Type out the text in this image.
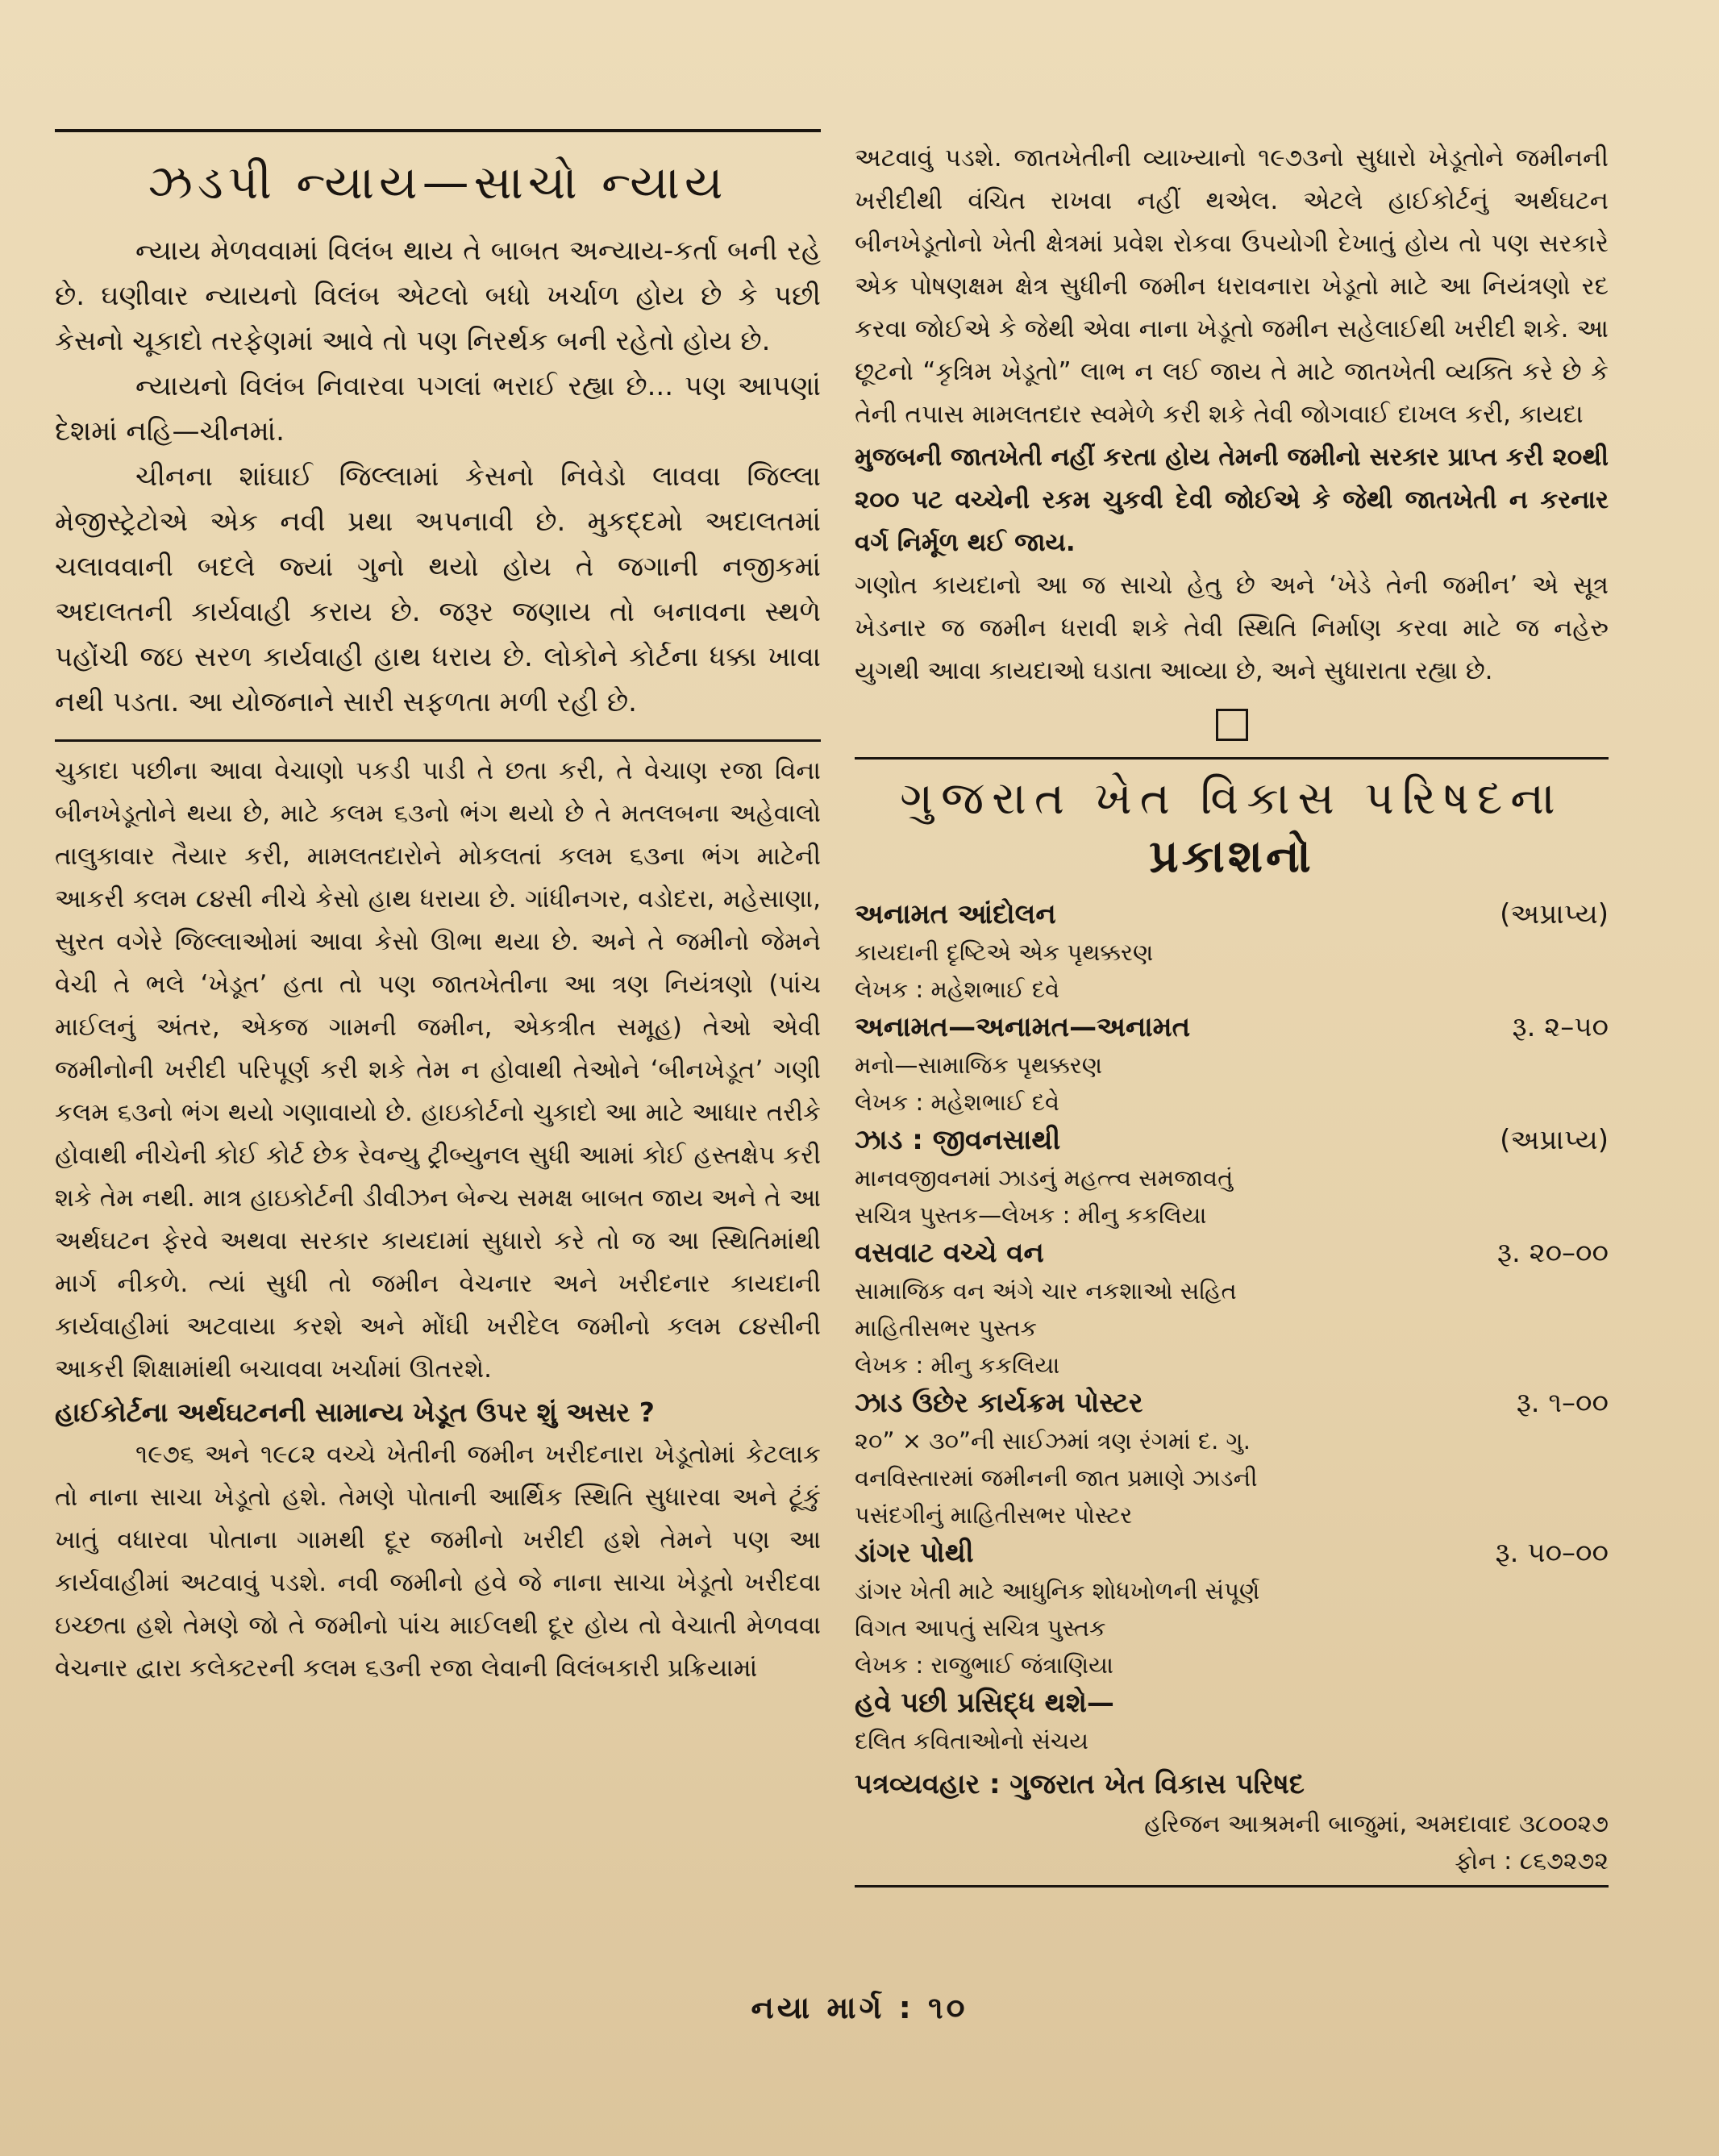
ઝડપી ન્યાય—સાચો ન્યાય

ન્યાય મેળવવામાં વિલંબ થાય તે બાબત અન્યાય-કર્તા બની રહે છે. ઘણીવાર ન્યાયનો વિલંબ એટલો બધો ખર્ચાળ હોય છે કે પછી કેસનો ચૂકાદો તરફેણમાં આવે તો પણ નિરર્થક બની રહેતો હોય છે.

ન્યાયનો વિલંબ નિવારવા પગલાં ભરાઈ રહ્યા છે... પણ આપણાં દેશમાં નહિ—ચીનમાં.

ચીનના શાંઘાઈ જિલ્લામાં કેસનો નિવેડો લાવવા જિલ્લા મેજીસ્ટ્રેટોએ એક નવી પ્રથા અપનાવી છે. મુકદ્દમો અદાલતમાં ચલાવવાની બદલે જ્યાં ગુનો થયો હોય તે જગાની નજીકમાં અદાલતની કાર્યવાહી કરાય છે. જરૂર જણાય તો બનાવના સ્થળે પહોંચી જઇ સરળ કાર્યવાહી હાથ ધરાય છે. લોકોને કોર્ટના ધક્કા ખાવા નથી પડતા. આ યોજનાને સારી સફળતા મળી રહી છે.

ચુકાદા પછીના આવા વેચાણો પકડી પાડી તે છતા કરી, તે વેચાણ રજા વિના બીનખેડૂતોને થયા છે, માટે કલમ ૬૩નો ભંગ થયો છે તે મતલબના અહેવાલો તાલુકાવાર તૈયાર કરી, મામલતદારોને મોકલતાં કલમ ૬૩ના ભંગ માટેની આકરી કલમ ૮૪સી નીચે કેસો હાથ ધરાયા છે. ગાંધીનગર, વડોદરા, મહેસાણા, સુરત વગેરે જિલ્લાઓમાં આવા કેસો ઊભા થયા છે. અને તે જમીનો જેમને વેચી તે ભલે ‘ખેડૂત’ હતા તો પણ જાતખેતીના આ ત્રણ નિયંત્રણો (પાંચ માઈલનું અંતર, એકજ ગામની જમીન, એકત્રીત સમૂહ) તેઓ એવી જમીનોની ખરીદી પરિપૂર્ણ કરી શકે તેમ ન હોવાથી તેઓને ‘બીનખેડૂત’ ગણી કલમ ૬૩નો ભંગ થયો ગણાવાયો છે. હાઇકોર્ટનો ચુકાદો આ માટે આધાર તરીકે હોવાથી નીચેની કોઈ કોર્ટ છેક રેવન્યુ ટ્રીબ્યુનલ સુધી આમાં કોઈ હસ્તક્ષેપ કરી શકે તેમ નથી. માત્ર હાઇકોર્ટની ડીવીઝન બેન્ચ સમક્ષ બાબત જાય અને તે આ અર્થઘટન ફેરવે અથવા સરકાર કાયદામાં સુધારો કરે તો જ આ સ્થિતિમાંથી માર્ગ નીકળે. ત્યાં સુધી તો જમીન વેચનાર અને ખરીદનાર કાયદાની કાર્યવાહીમાં અટવાયા કરશે અને મોંઘી ખરીદેલ જમીનો કલમ ૮૪સીની આકરી શિક્ષામાંથી બચાવવા ખર્ચામાં ઊતરશે.

હાઈકોર્ટના અર્થઘટનની સામાન્ય ખેડૂત ઉપર શું અસર ?

૧૯૭૬ અને ૧૯૮૨ વચ્ચે ખેતીની જમીન ખરીદનારા ખેડૂતોમાં કેટલાક તો નાના સાચા ખેડૂતો હશે. તેમણે પોતાની આર્થિક સ્થિતિ સુધારવા અને ટૂંકું ખાતું વધારવા પોતાના ગામથી દૂર જમીનો ખરીદી હશે તેમને પણ આ કાર્યવાહીમાં અટવાવું પડશે. નવી જમીનો હવે જે નાના સાચા ખેડૂતો ખરીદવા ઇચ્છતા હશે તેમણે જો તે જમીનો પાંચ માઈલથી દૂર હોય તો વેચાતી મેળવવા વેચનાર દ્વારા કલેક્ટરની કલમ ૬૩ની રજા લેવાની વિલંબકારી પ્રક્રિયામાં

અટવાવું પડશે. જાતખેતીની વ્યાખ્યાનો ૧૯૭૩નો સુધારો ખેડૂતોને જમીનની ખરીદીથી વંચિત રાખવા નહીં થએલ. એટલે હાઈકોર્ટનું અર્થઘટન બીનખેડૂતોનો ખેતી ક્ષેત્રમાં પ્રવેશ રોકવા ઉપયોગી દેખાતું હોય તો પણ સરકારે એક પોષણક્ષમ ક્ષેત્ર સુધીની જમીન ધરાવનારા ખેડૂતો માટે આ નિયંત્રણો રદ કરવા જોઈએ કે જેથી એવા નાના ખેડૂતો જમીન સહેલાઈથી ખરીદી શકે. આ છૂટનો “કૃત્રિમ ખેડૂતો” લાભ ન લઈ જાય તે માટે જાતખેતી વ્યક્તિ કરે છે કે તેની તપાસ મામલતદાર સ્વમેળે કરી શકે તેવી જોગવાઈ દાખલ કરી, કાયદા

મુજબની જાતખેતી નહીં કરતા હોય તેમની જમીનો સરકાર પ્રાપ્ત કરી ૨૦થી ૨૦૦ પટ વચ્ચેની રકમ ચુકવી દેવી જોઈએ કે જેથી જાતખેતી ન કરનાર વર્ગ નિર્મૂળ થઈ જાય.

ગણોત કાયદાનો આ જ સાચો હેતુ છે અને ‘ખેડે તેની જમીન’ એ સૂત્ર ખેડનાર જ જમીન ધરાવી શકે તેવી સ્થિતિ નિર્માણ કરવા માટે જ નહેરુ યુગથી આવા કાયદાઓ ઘડાતા આવ્યા છે, અને સુધારાતા રહ્યા છે.

ગુજરાત ખેત વિકાસ પરિષદના
પ્રકાશનો
અનામત આંદોલન	(અપ્રાપ્ય)
કાયદાની દૃષ્ટિએ એક પૃથક્કરણ
લેખક : મહેશભાઈ દવે
અનામત—અનામત—અનામત	રૂ. ૨–૫૦
મનો—સામાજિક પૃથક્કરણ
લેખક : મહેશભાઈ દવે
ઝાડ : જીવનસાથી	(અપ્રાપ્ય)
માનવજીવનમાં ઝાડનું મહત્ત્વ સમજાવતું
સચિત્ર પુસ્તક—લેખક : મીનુ કકલિયા
વસવાટ વચ્ચે વન	રૂ. ૨૦–૦૦
સામાજિક વન અંગે ચાર નકશાઓ સહિત
માહિતીસભર પુસ્તક
લેખક : મીનુ કકલિયા
ઝાડ ઉછેર કાર્યક્રમ પોસ્ટર	રૂ. ૧–૦૦
૨૦” × ૩૦”ની સાઈઝમાં ત્રણ રંગમાં દ. ગુ.
વનવિસ્તારમાં જમીનની જાત પ્રમાણે ઝાડની
પસંદગીનું માહિતીસભર પોસ્ટર
ડાંગર પોથી	રૂ. ૫૦–૦૦
ડાંગર ખેતી માટે આધુનિક શોધખોળની સંપૂર્ણ
વિગત આપતું સચિત્ર પુસ્તક
લેખક : રાજુભાઈ જંત્રાણિયા
હવે પછી પ્રસિદ્ધ થશે—
દલિત કવિતાઓનો સંચય
પત્રવ્યવહાર : ગુજરાત ખેત વિકાસ પરિષદ
હરિજન આશ્રમની બાજુમાં, અમદાવાદ ૩૮૦૦૨૭
ફોન : ૮૬૭૨૭૨
નયા માર્ગ : ૧૦
